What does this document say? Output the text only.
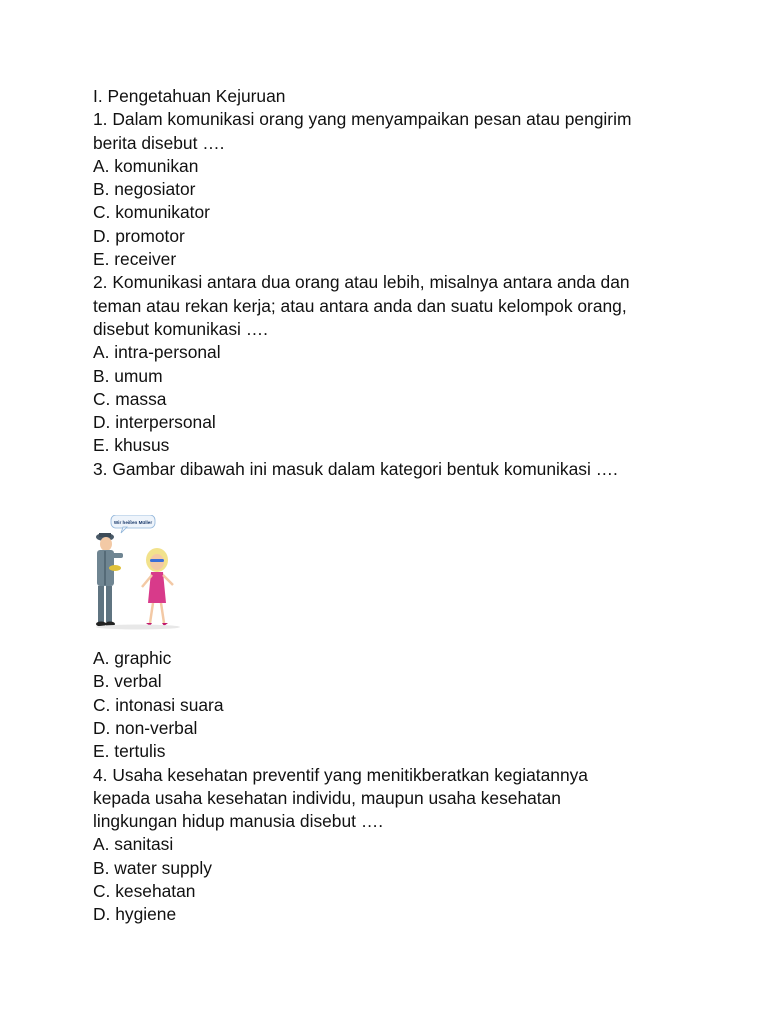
I. Pengetahuan Kejuruan

1. Dalam komunikasi orang yang menyampaikan pesan atau pengirim

berita disebut ….

A. komunikan

B. negosiator

C. komunikator

D. promotor

E. receiver

2. Komunikasi antara dua orang atau lebih, misalnya antara anda dan

teman atau rekan kerja; atau antara anda dan suatu kelompok orang,

disebut komunikasi ….

A. intra-personal

B. umum

C. massa

D. interpersonal

E. khusus

3. Gambar dibawah ini masuk dalam kategori bentuk komunikasi ….

Wir heißen Müller

A. graphic

B. verbal

C. intonasi suara

D. non-verbal

E. tertulis

4. Usaha kesehatan preventif yang menitikberatkan kegiatannya

kepada usaha kesehatan individu, maupun usaha kesehatan

lingkungan hidup manusia disebut ….

A. sanitasi

B. water supply

C. kesehatan

D. hygiene
